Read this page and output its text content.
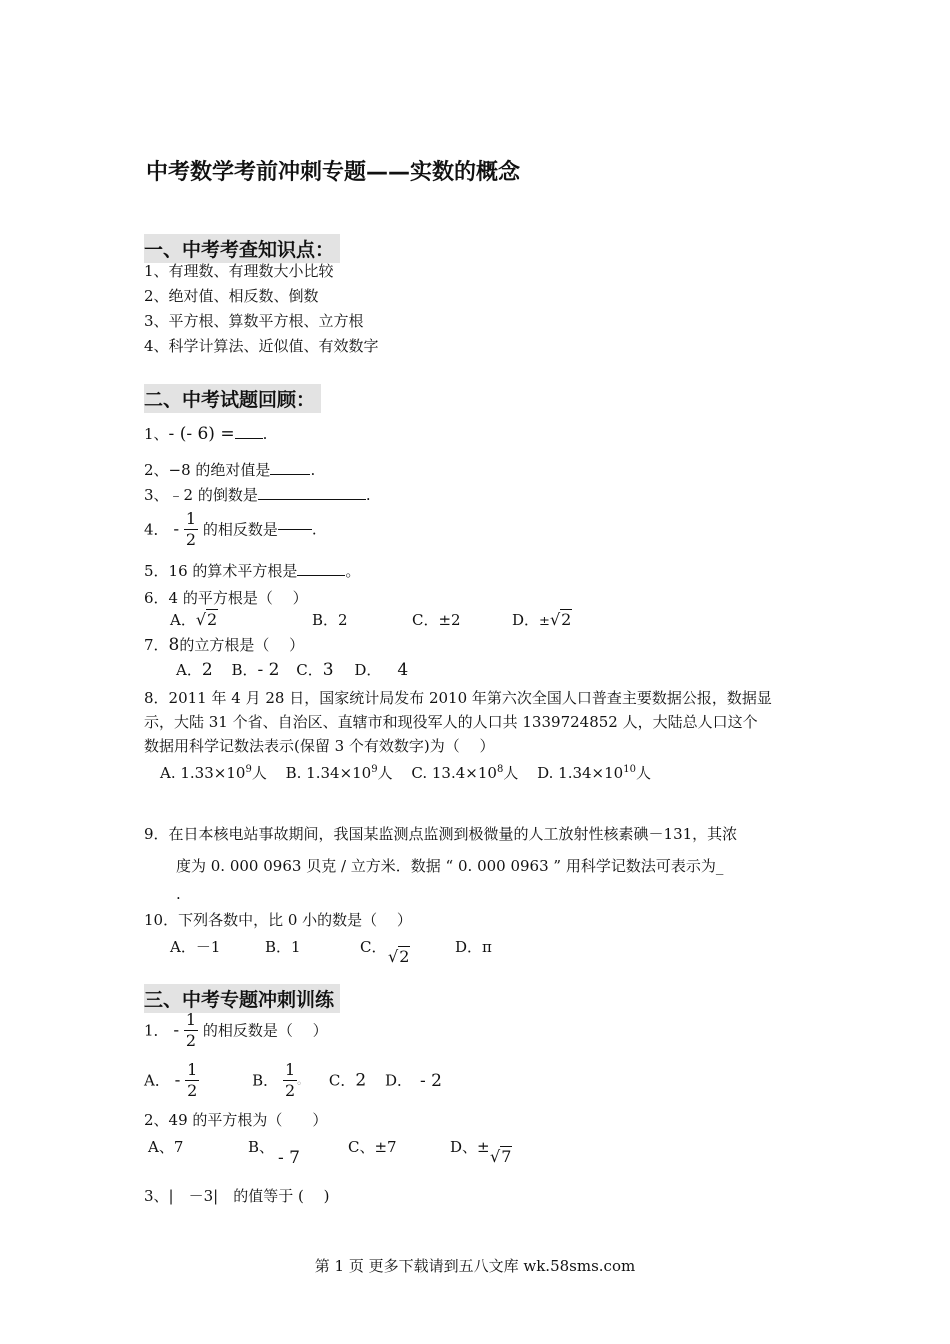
中考数学考前冲刺专题——实数的概念
一、中考考查知识点：
1、有理数、有理数大小比较
2、绝对值、相反数、倒数
3、平方根、算数平方根、立方根
4、科学计算法、近似值、有效数字
二、中考试题回顾：
1、- (- 6) = .
2、−8 的绝对值是	.
3、﹣2 的倒数是	.
4． - $\frac{1}{2}$ 的相反数是 .
5．16 的算术平方根是	。
6．4 的平方根是（　 ）
A．√2	B．2	C．±2	D．±√2
7．8的立方根是（　 ）
A．2 B．- 2 C．3 D． 4
8．2011 年 4 月 28 日，国家统计局发布 2010 年第六次全国人口普查主要数据公报，数据显
示，大陆 31 个省、自治区、直辖市和现役军人的人口共 1339724852 人，大陆总人口这个
数据用科学记数法表示(保留 3 个有效数字)为（　 ）
A. $1.33\times 10^9$人 B. $1.34\times 10^9$人 C. $13.4\times 10^8$人 D. $1.34\times 10^{10}$人
9．在日本核电站事故期间，我国某监测点监测到极微量的人工放射性核素碘－131，其浓
度为 0. 000 0963 贝克 / 立方米．数据 “ 0. 000 0963 ” 用科学记数法可表示为_
.
10．下列各数中，比 0 小的数是（　 ）
A．－1	B．1	C． √2	D．π
三、中考专题冲刺训练
1． - $\frac{1}{2}$ 的相反数是（　 ）
A． - $\frac{1}{2}$	B． $\frac{1}{2}$ 。 C．2 D． - 2
2、49 的平方根为（　　）
A、7	B、
- 7
C、±7	D、± √7
3、|　－3|　的值等于 (　 )
第 1 页 更多下载请到五八文库 wk.58sms.com
